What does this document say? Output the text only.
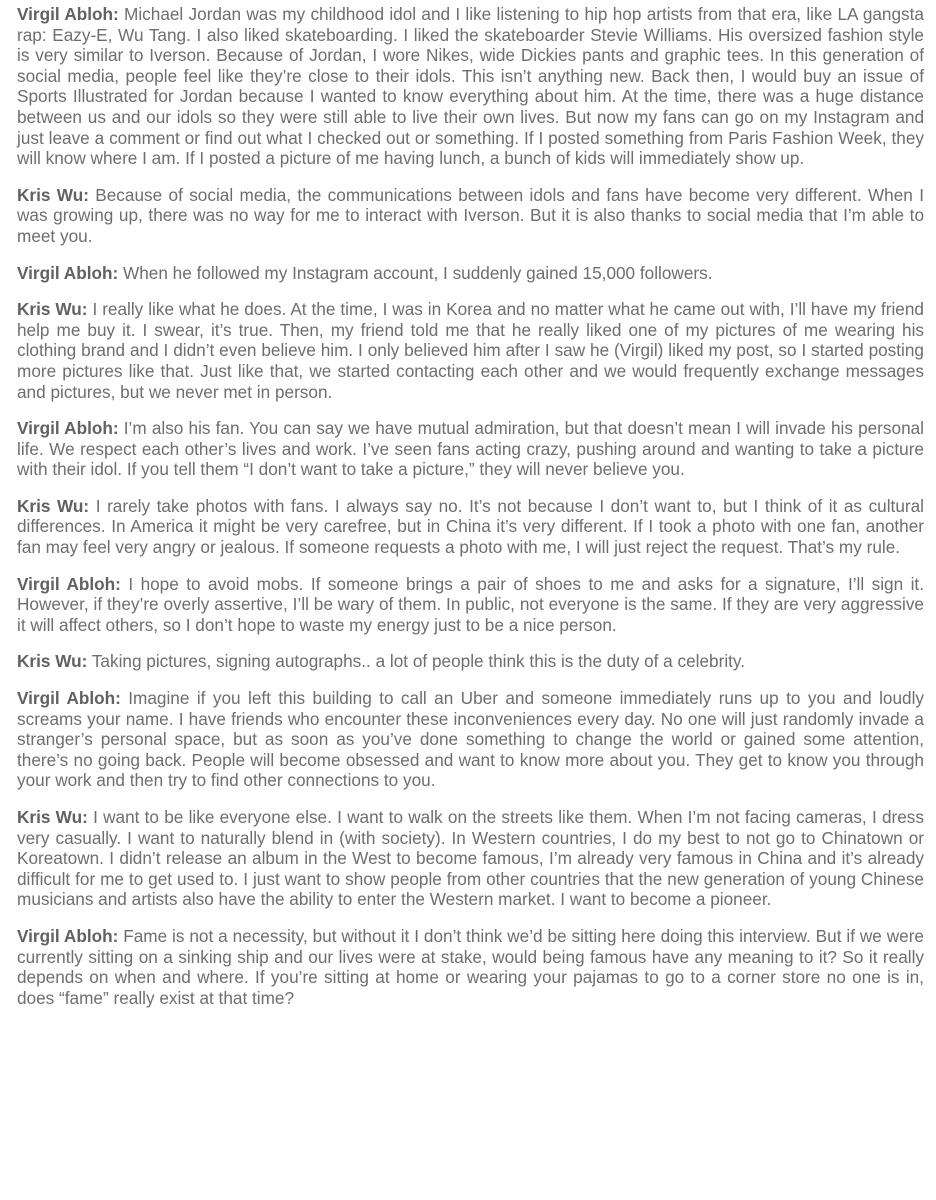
Virgil Abloh: Michael Jordan was my childhood idol and I like listening to hip hop artists from that era, like LA gangsta rap: Eazy-E, Wu Tang. I also liked skateboarding. I liked the skateboarder Stevie Williams. His oversized fashion style is very similar to Iverson. Because of Jordan, I wore Nikes, wide Dickies pants and graphic tees. In this generation of social media, people feel like they’re close to their idols. This isn’t anything new. Back then, I would buy an issue of Sports Illustrated for Jordan because I wanted to know everything about him. At the time, there was a huge distance between us and our idols so they were still able to live their own lives. But now my fans can go on my Instagram and just leave a comment or find out what I checked out or something. If I posted something from Paris Fashion Week, they will know where I am. If I posted a picture of me having lunch, a bunch of kids will immediately show up.

Kris Wu: Because of social media, the communications between idols and fans have become very different. When I was growing up, there was no way for me to interact with Iverson. But it is also thanks to social media that I’m able to meet you.

Virgil Abloh: When he followed my Instagram account, I suddenly gained 15,000 followers.

Kris Wu: I really like what he does. At the time, I was in Korea and no matter what he came out with, I’ll have my friend help me buy it. I swear, it’s true. Then, my friend told me that he really liked one of my pictures of me wearing his clothing brand and I didn’t even believe him. I only believed him after I saw he (Virgil) liked my post, so I started posting more pictures like that. Just like that, we started contacting each other and we would frequently exchange messages and pictures, but we never met in person.

Virgil Abloh: I’m also his fan. You can say we have mutual admiration, but that doesn’t mean I will invade his personal life. We respect each other’s lives and work. I’ve seen fans acting crazy, pushing around and wanting to take a picture with their idol. If you tell them “I don’t want to take a picture,” they will never believe you.

Kris Wu: I rarely take photos with fans. I always say no. It’s not because I don’t want to, but I think of it as cultural differences. In America it might be very carefree, but in China it’s very different. If I took a photo with one fan, another fan may feel very angry or jealous. If someone requests a photo with me, I will just reject the request. That’s my rule.

Virgil Abloh: I hope to avoid mobs. If someone brings a pair of shoes to me and asks for a signature, I’ll sign it. However, if they’re overly assertive, I’ll be wary of them. In public, not everyone is the same. If they are very aggressive it will affect others, so I don’t hope to waste my energy just to be a nice person.

Kris Wu: Taking pictures, signing autographs.. a lot of people think this is the duty of a celebrity.

Virgil Abloh: Imagine if you left this building to call an Uber and someone immediately runs up to you and loudly screams your name. I have friends who encounter these inconveniences every day. No one will just randomly invade a stranger’s personal space, but as soon as you’ve done something to change the world or gained some attention, there’s no going back. People will become obsessed and want to know more about you. They get to know you through your work and then try to find other connections to you.

Kris Wu: I want to be like everyone else. I want to walk on the streets like them. When I’m not facing cameras, I dress very casually. I want to naturally blend in (with society). In Western countries, I do my best to not go to Chinatown or Koreatown. I didn’t release an album in the West to become famous, I’m already very famous in China and it’s already difficult for me to get used to. I just want to show people from other countries that the new generation of young Chinese musicians and artists also have the ability to enter the Western market. I want to become a pioneer.

Virgil Abloh: Fame is not a necessity, but without it I don’t think we’d be sitting here doing this interview. But if we were currently sitting on a sinking ship and our lives were at stake, would being famous have any meaning to it? So it really depends on when and where. If you’re sitting at home or wearing your pajamas to go to a corner store no one is in, does “fame” really exist at that time?
